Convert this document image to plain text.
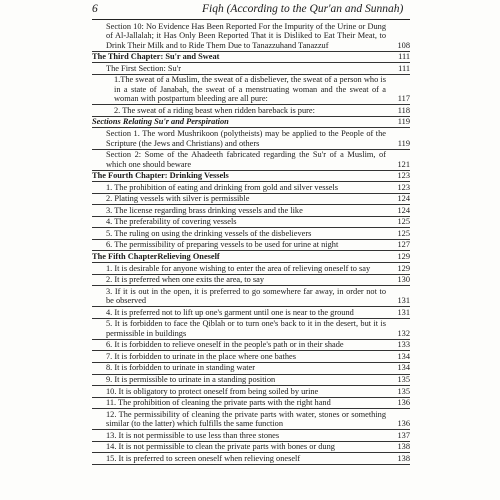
6	Fiqh (According to the Qur'an and Sunnah)
Section 10: No Evidence Has Been Reported For the Impurity of the Urine or Dung of Al-Jallalah; it Has Only Been Reported That it is Disliked to Eat Their Meat, to Drink Their Milk and to Ride Them Due to Tanazzuhand Tanazzuf	108
The Third Chapter: Su'r and Sweat	111
The First Section: Su'r	111
1.The sweat of a Muslim, the sweat of a disbeliever, the sweat of a person who is in a state of Janabah, the sweat of a menstruating woman and the sweat of a woman with postpartum bleeding are all pure:	117
2. The sweat of a riding beast when ridden bareback is pure:	118
Sections Relating Su'r and Perspiration	119
Section 1. The word Mushrikoon (polytheists) may be applied to the People of the Scripture (the Jews and Christians) and others	119
Section 2: Some of the Ahadeeth fabricated regarding the Su'r of a Muslim, of which one should beware	121
The Fourth Chapter: Drinking Vessels	123
1. The prohibition of eating and drinking from gold and silver vessels	123
2. Plating vessels with silver is permissible	124
3. The license regarding brass drinking vessels and the like	124
4. The preferability of covering vessels	125
5. The ruling on using the drinking vessels of the disbelievers	125
6. The permissibility of preparing vessels to be used for urine at night	127
The Fifth ChapterRelieving Oneself	129
1. It is desirable for anyone wishing to enter the area of relieving oneself to say	129
2. It is preferred when one exits the area, to say	130
3. If it is out in the open, it is preferred to go somewhere far away, in order not to be observed	131
4. It is preferred not to lift up one's garment until one is near to the ground	131
5. It is forbidden to face the Qiblah or to turn one's back to it in the desert, but it is permissible in buildings	132
6. It is forbidden to relieve oneself in the people's path or in their shade	133
7. It is forbidden to urinate in the place where one bathes	134
8. It is forbidden to urinate in standing water	134
9. It is permissible to urinate in a standing position	135
10. It is obligatory to protect oneself from being soiled by urine	135
11. The prohibition of cleaning the private parts with the right hand	136
12. The permissibility of cleaning the private parts with water, stones or something similar (to the latter) which fulfills the same function	136
13. It is not permissible to use less than three stones	137
14. It is not permissible to clean the private parts with bones or dung	138
15. It is preferred to screen oneself when relieving oneself	138
